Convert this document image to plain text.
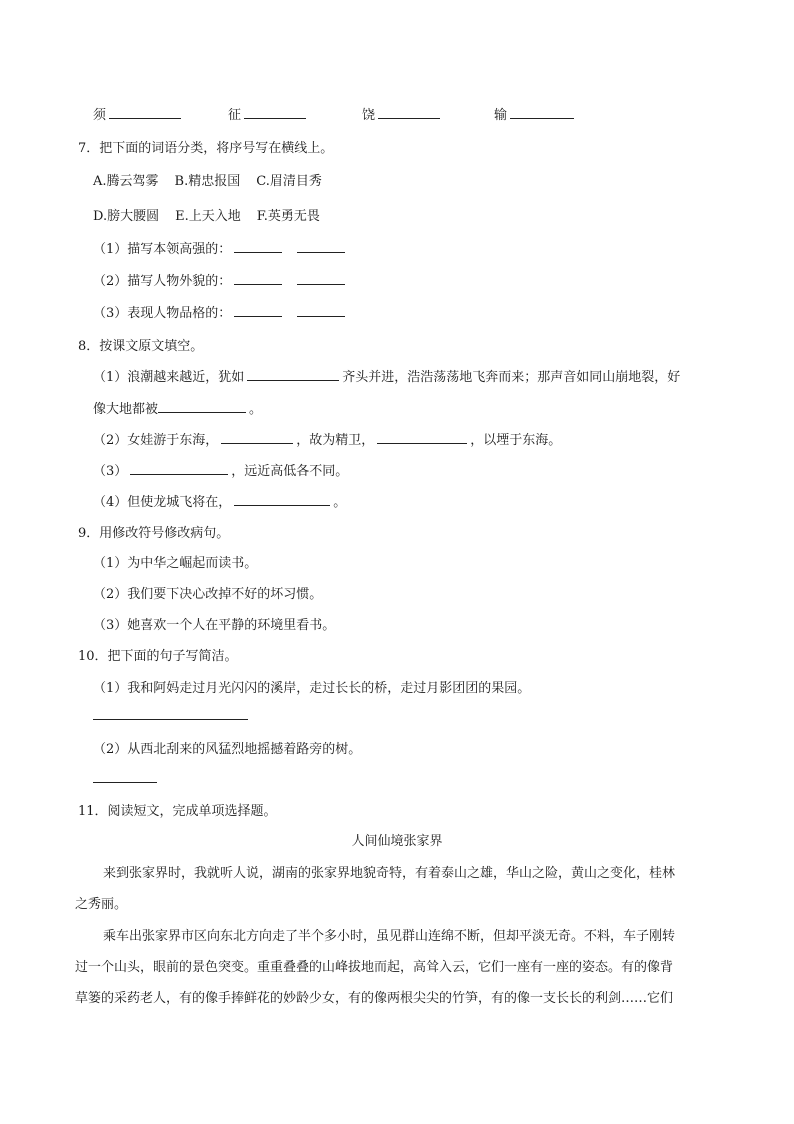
须	征	饶	输
7．把下面的词语分类，将序号写在横线上。
A.腾云驾雾 B.精忠报国 C.眉清目秀
D.膀大腰圆 E.上天入地 F.英勇无畏
（1）描写本领高强的：
（2）描写人物外貌的：
（3）表现人物品格的：
8．按课文原文填空。
（1）浪潮越来越近，犹如	齐头并进，浩浩荡荡地飞奔而来；那声音如同山崩地裂，好
像大地都被	。
（2）女娃游于东海，	，故为精卫，	，以堙于东海。
（3）	，远近高低各不同。
（4）但使龙城飞将在，	。
9．用修改符号修改病句。
（1）为中华之崛起而读书。
（2）我们要下决心改掉不好的坏习惯。
（3）她喜欢一个人在平静的环境里看书。
10．把下面的句子写简洁。
（1）我和阿妈走过月光闪闪的溪岸，走过长长的桥，走过月影团团的果园。
（2）从西北刮来的风猛烈地摇撼着路旁的树。
11．阅读短文，完成单项选择题。
人间仙境张家界
来到张家界时，我就听人说，湖南的张家界地貌奇特，有着泰山之雄，华山之险，黄山之变化，桂林
之秀丽。
乘车出张家界市区向东北方向走了半个多小时，虽见群山连绵不断，但却平淡无奇。不料，车子刚转
过一个山头，眼前的景色突变。重重叠叠的山峰拔地而起，高耸入云，它们一座有一座的姿态。有的像背
草篓的采药老人，有的像手捧鲜花的妙龄少女，有的像两根尖尖的竹笋，有的像一支长长的利剑……它们
